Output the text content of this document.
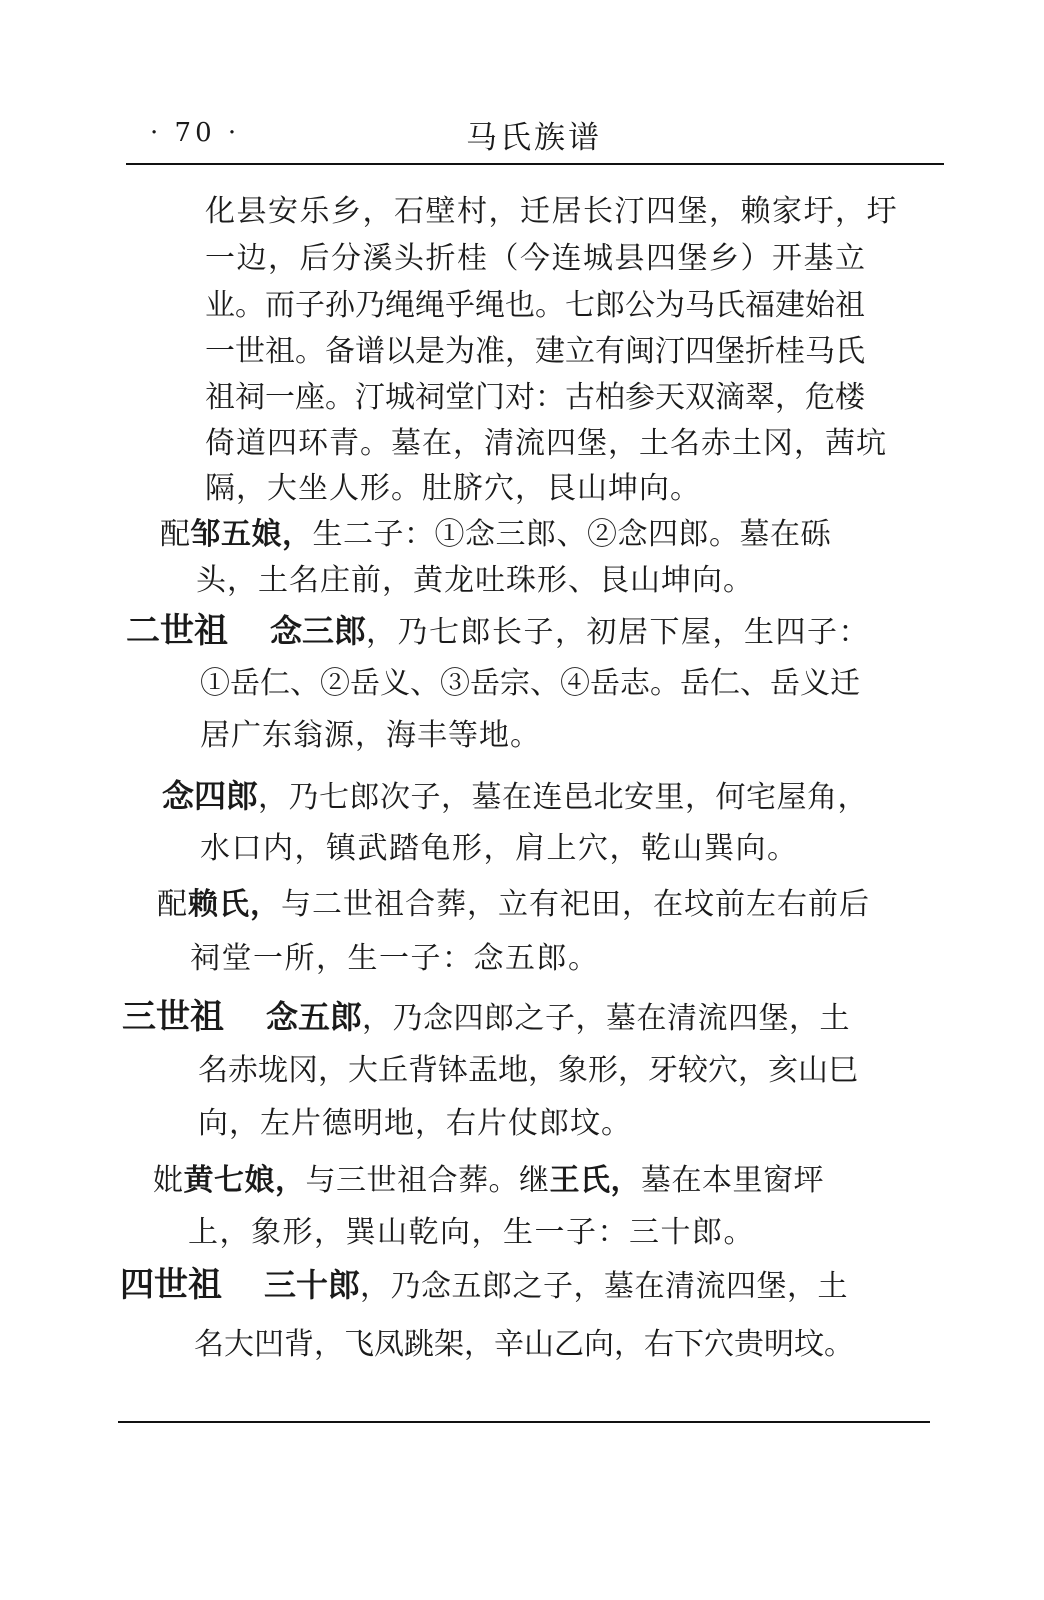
· 70 ·	马氏族谱
化县安乐乡，石壁村，迁居长汀四堡，赖家圩，圩
一边，后分溪头折桂（今连城县四堡乡）开基立
业。而子孙乃绳绳乎绳也。七郎公为马氏福建始祖
一世祖。备谱以是为准，建立有闽汀四堡折桂马氏
祖祠一座。汀城祠堂门对：古柏参天双滴翠，危楼
倚道四环青。墓在，清流四堡，土名赤土冈，茜坑
隔，大坐人形。肚脐穴，艮山坤向。
配邹五娘，生二子：①念三郎、②念四郎。墓在砾
头，土名庄前，黄龙吐珠形、艮山坤向。
二世祖 念三郎，乃七郎长子，初居下屋，生四子：
①岳仁、②岳义、③岳宗、④岳志。岳仁、岳义迁
居广东翁源，海丰等地。
念四郎，乃七郎次子，墓在连邑北安里，何宅屋角，
水口内，镇武踏龟形，肩上穴，乾山巽向。
配赖氏，与二世祖合葬，立有祀田，在坟前左右前后
祠堂一所，生一子：念五郎。
三世祖 念五郎，乃念四郎之子，墓在清流四堡，土
名赤垅冈，大丘背钵盂地，象形，牙较穴，亥山巳
向，左片德明地，右片仗郎坟。
妣黄七娘，与三世祖合葬。继王氏，墓在本里窗坪
上，象形，巽山乾向，生一子：三十郎。
四世祖 三十郎，乃念五郎之子，墓在清流四堡，土
名大凹背，飞凤跳架，辛山乙向，右下穴贵明坟。
